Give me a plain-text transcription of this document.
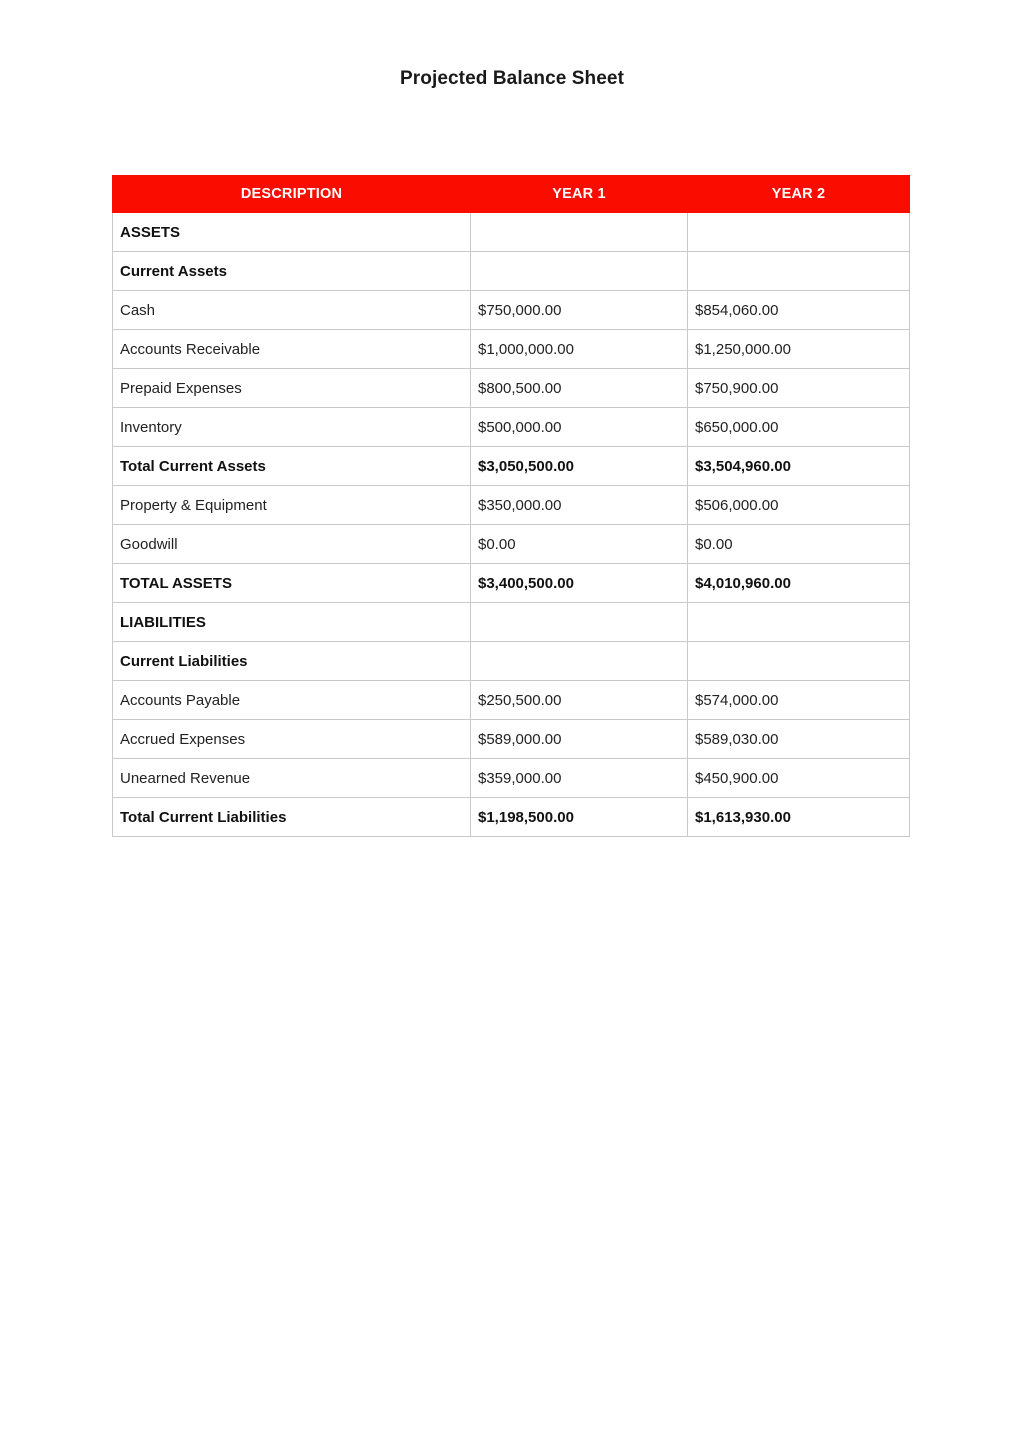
Projected Balance Sheet
DESCRIPTION	YEAR 1	YEAR 2
ASSETS		
Current Assets		
Cash	$750,000.00	$854,060.00
Accounts Receivable	$1,000,000.00	$1,250,000.00
Prepaid Expenses	$800,500.00	$750,900.00
Inventory	$500,000.00	$650,000.00
Total Current Assets	$3,050,500.00	$3,504,960.00
Property & Equipment	$350,000.00	$506,000.00
Goodwill	$0.00	$0.00
TOTAL ASSETS	$3,400,500.00	$4,010,960.00
LIABILITIES		
Current Liabilities		
Accounts Payable	$250,500.00	$574,000.00
Accrued Expenses	$589,000.00	$589,030.00
Unearned Revenue	$359,000.00	$450,900.00
Total Current Liabilities	$1,198,500.00	$1,613,930.00
